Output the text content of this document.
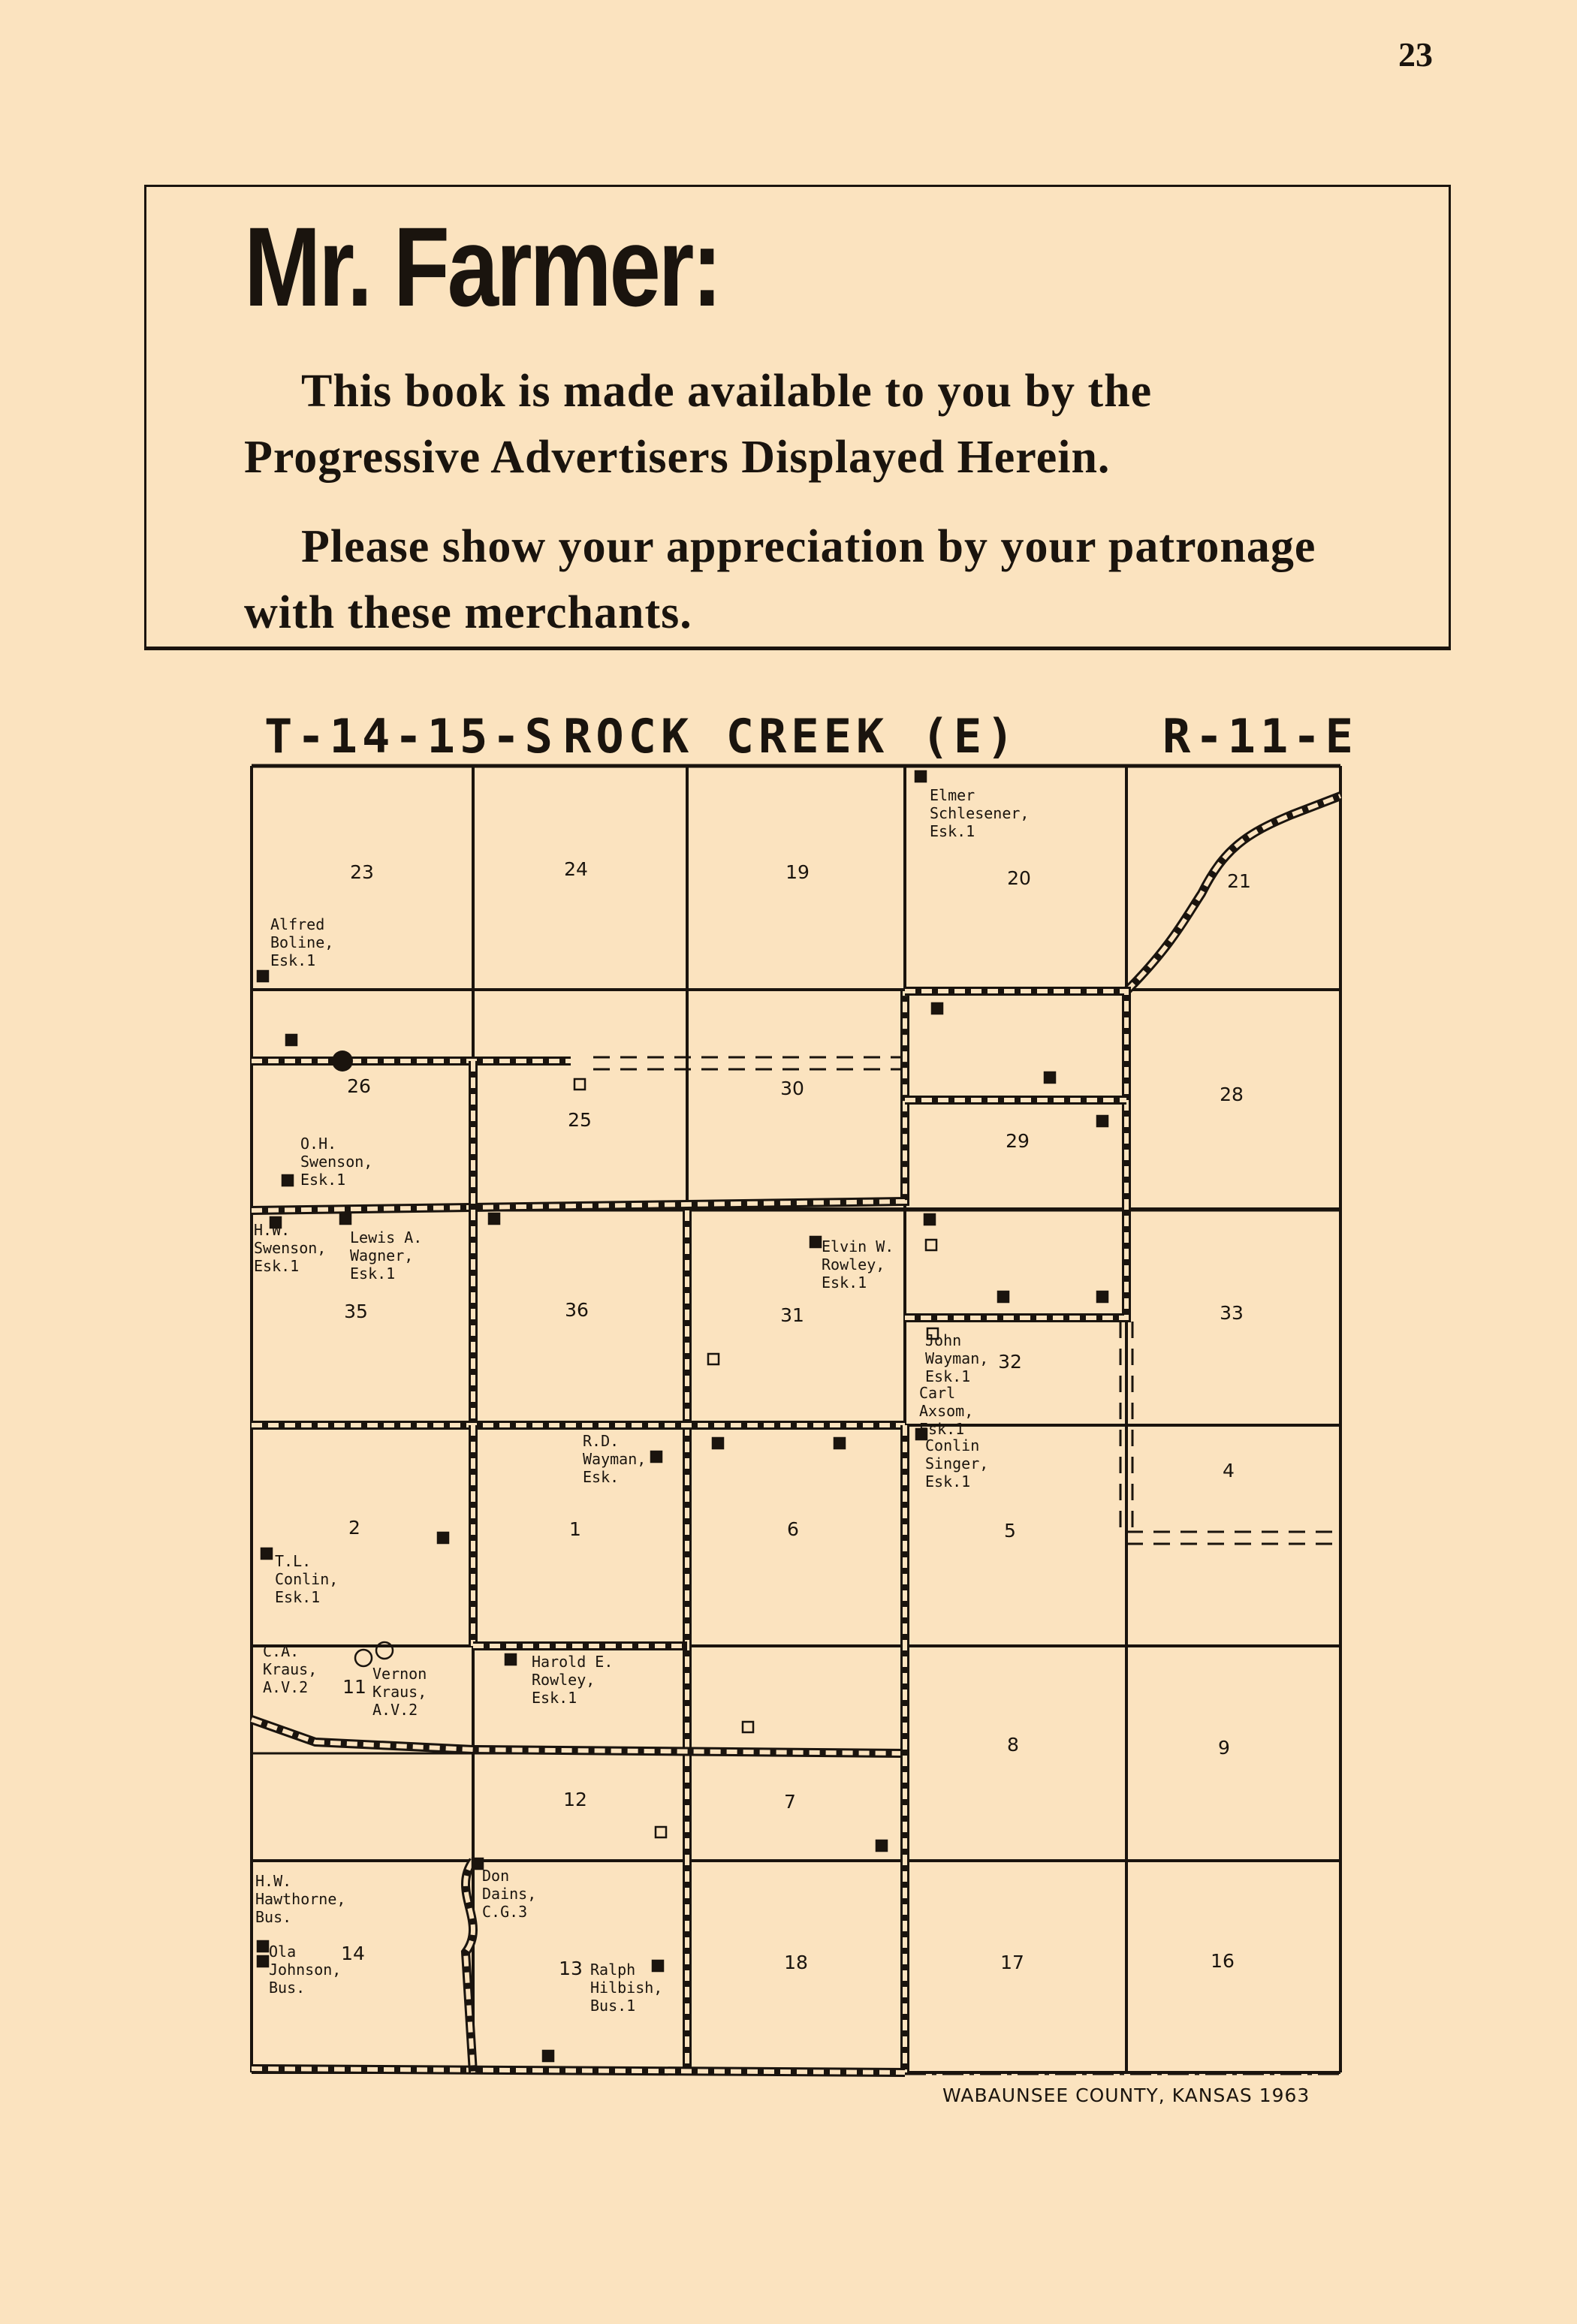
23
Mr. Farmer:

This book is made available to you by the Progressive Advertisers Displayed Herein.

Please show your appreciation by your patronage with these merchants.

T-14-15-S ROCK CREEK (E)	R-11-E
23	24	19	20	21
26
25
30
29
28
35	36	31
32
33
2	1	6	5
4
11
12	7
8	9
14
13	18	17	16
Elmer Schlesener, Esk.1
Alfred Boline, Esk.1
O.H. Swenson, Esk.1
H.W. Swenson, Esk.1
Lewis A. Wagner, Esk.1
Elvin W. Rowley, Esk.1
John Wayman, Esk.1
Carl Axsom, Esk.1
R.D. Wayman, Esk.
Conlin Singer, Esk.1
T.L. Conlin, Esk.1
C.A. Kraus, A.V.2
Vernon Kraus, A.V.2
Harold E. Rowley, Esk.1
H.W. Hawthorne, Bus.
Ola Johnson, Bus.
Don Dains, C.G.3
Ralph Hilbish, Bus.1
WABAUNSEE COUNTY, KANSAS 1963
